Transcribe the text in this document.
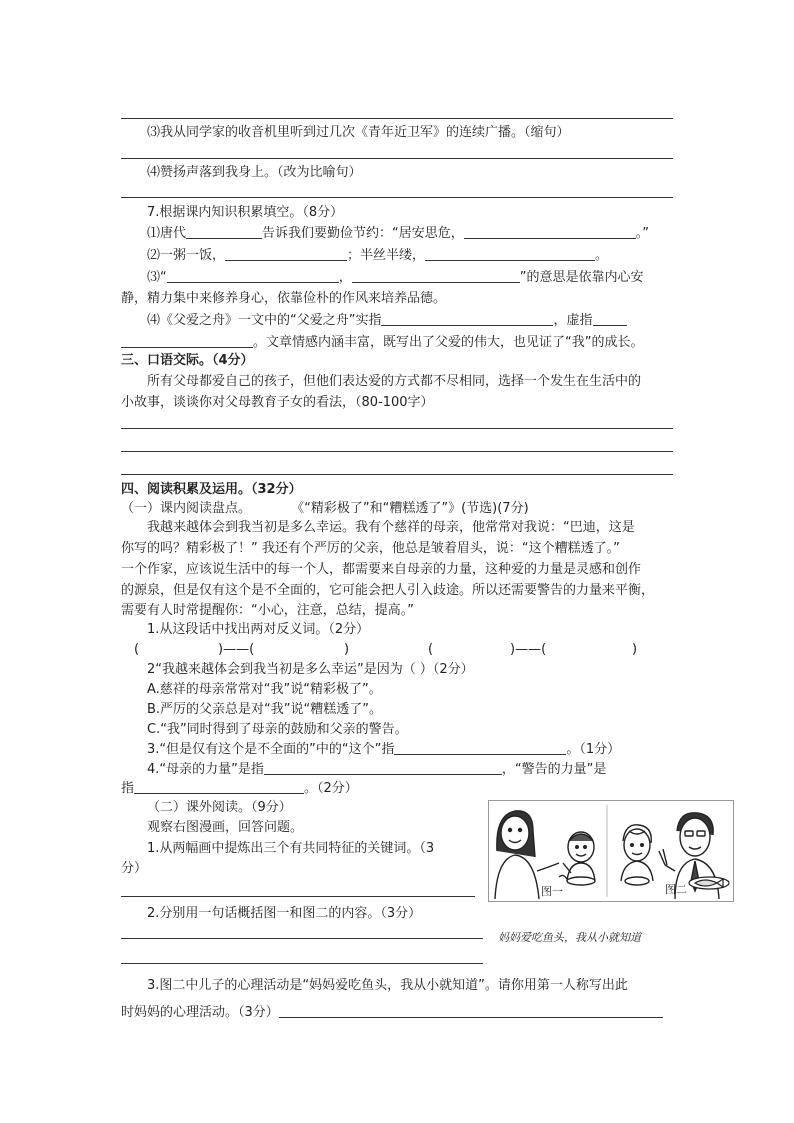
⑶我从同学家的收音机里听到过几次《青年近卫军》的连续广播。（缩句）
⑷赞扬声落到我身上。（改为比喻句）
7.根据课内知识积累填空。（8分）
⑴唐代	告诉我们要勤俭节约：“居安思危，	。”
⑵一粥一饭，	；半丝半缕，	。
⑶“	，	”的意思是依靠内心安
静，精力集中来修养身心，依靠俭朴的作风来培养品德。
⑷《父爱之舟》一文中的“父爱之舟”实指	，虚指
。文章情感内涵丰富，既写出了父爱的伟大，也见证了“我”的成长。
三、口语交际。（4分）
所有父母都爱自己的孩子，但他们表达爱的方式都不尽相同，选择一个发生在生活中的
小故事，谈谈你对父母教育子女的看法，（80-100字）
四、阅读积累及运用。（32分）
（一）课内阅读盘点。	《“精彩极了”和“糟糕透了”》(节选)(7分)
我越来越体会到我当初是多么幸运。我有个慈祥的母亲，他常常对我说：“巴迪，这是
你写的吗？精彩极了！” 我还有个严厉的父亲，他总是皱着眉头，说：“这个糟糕透了。”
一个作家，应该说生活中的每一个人，都需要来自母亲的力量，这种爱的力量是灵感和创作
的源泉，但是仅有这个是不全面的，它可能会把人引入歧途。所以还需要警告的力量来平衡，
需要有人时常提醒你：“小心，注意，总结，提高。”
1.从这段话中找出两对反义词。（2分）
(	)——(	)	(	)——(	)
2“我越来越体会到我当初是多么幸运”是因为（ ）（2分）
A.慈祥的母亲常常对“我”说“精彩极了”。
B.严厉的父亲总是对“我”说“糟糕透了”。
C.“我”同时得到了母亲的鼓励和父亲的警告。
3.“但是仅有这个是不全面的”中的“这个”指	。（1分）
4.“母亲的力量”是指	，“警告的力量”是
指	。（2分）
（二）课外阅读。（9分）
观察右图漫画，回答问题。
1.从两幅画中提炼出三个有共同特征的关键词。（3
分）
2.分别用一句话概括图一和图二的内容。（3分）
3.图二中儿子的心理活动是“妈妈爱吃鱼头，我从小就知道”。请你用第一人称写出此
时妈妈的心理活动。（3分）
图一	图二
妈妈爱吃鱼头，我从小就知道
